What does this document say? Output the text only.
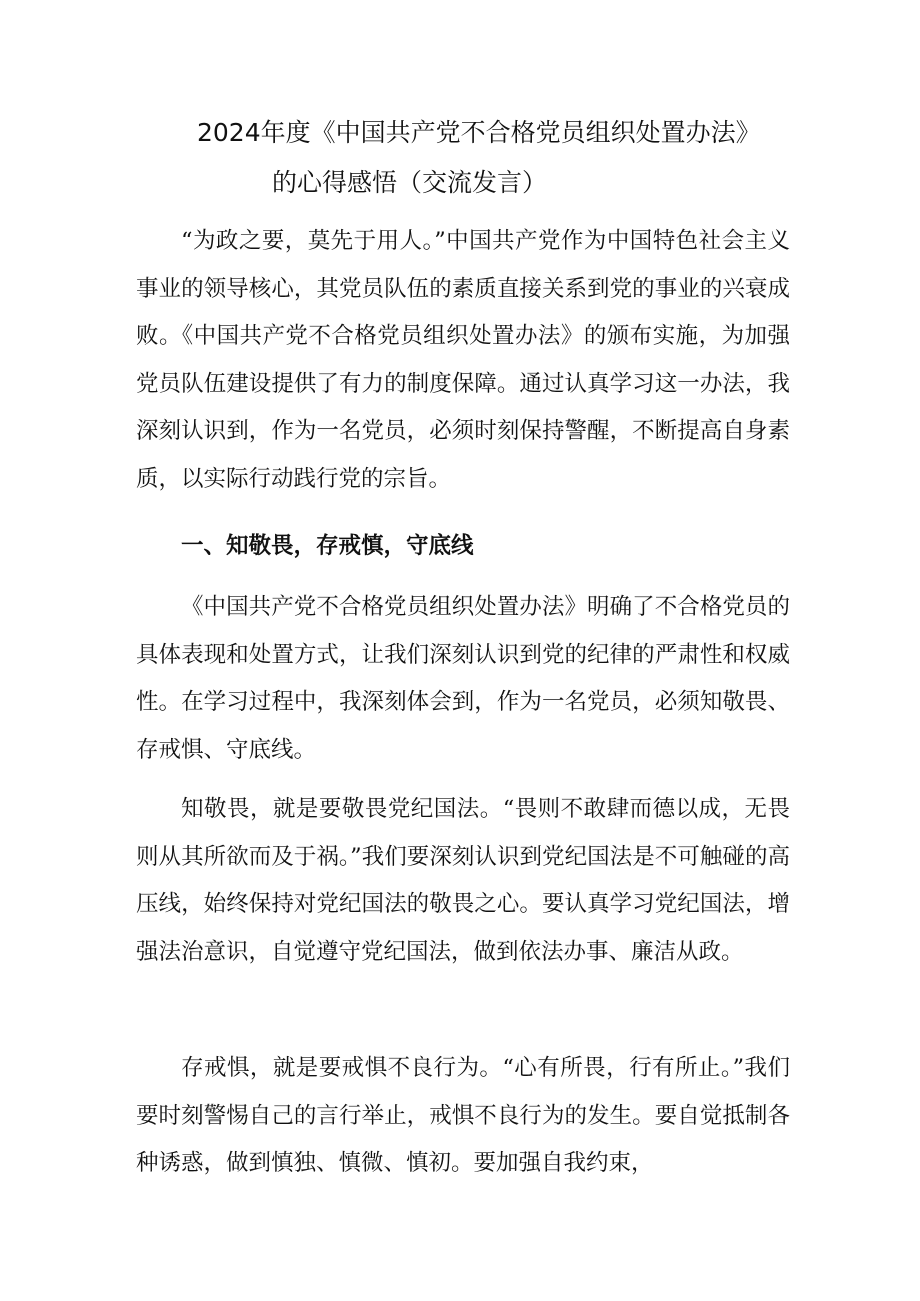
2024年度《中国共产党不合格党员组织处置办法》
的心得感悟（交流发言）

“为政之要，莫先于用人。”中国共产党作为中国特色社会主义事业的领导核心，其党员队伍的素质直接关系到党的事业的兴衰成败。《中国共产党不合格党员组织处置办法》的颁布实施，为加强党员队伍建设提供了有力的制度保障。通过认真学习这一办法，我深刻认识到，作为一名党员，必须时刻保持警醒，不断提高自身素质，以实际行动践行党的宗旨。

一、知敬畏，存戒慎，守底线

《中国共产党不合格党员组织处置办法》明确了不合格党员的具体表现和处置方式，让我们深刻认识到党的纪律的严肃性和权威性。在学习过程中，我深刻体会到，作为一名党员，必须知敬畏、存戒惧、守底线。

知敬畏，就是要敬畏党纪国法。“畏则不敢肆而德以成，无畏则从其所欲而及于祸。”我们要深刻认识到党纪国法是不可触碰的高压线，始终保持对党纪国法的敬畏之心。要认真学习党纪国法，增强法治意识，自觉遵守党纪国法，做到依法办事、廉洁从政。

存戒惧，就是要戒惧不良行为。“心有所畏，行有所止。”我们要时刻警惕自己的言行举止，戒惧不良行为的发生。要自觉抵制各种诱惑，做到慎独、慎微、慎初。要加强自我约束，
